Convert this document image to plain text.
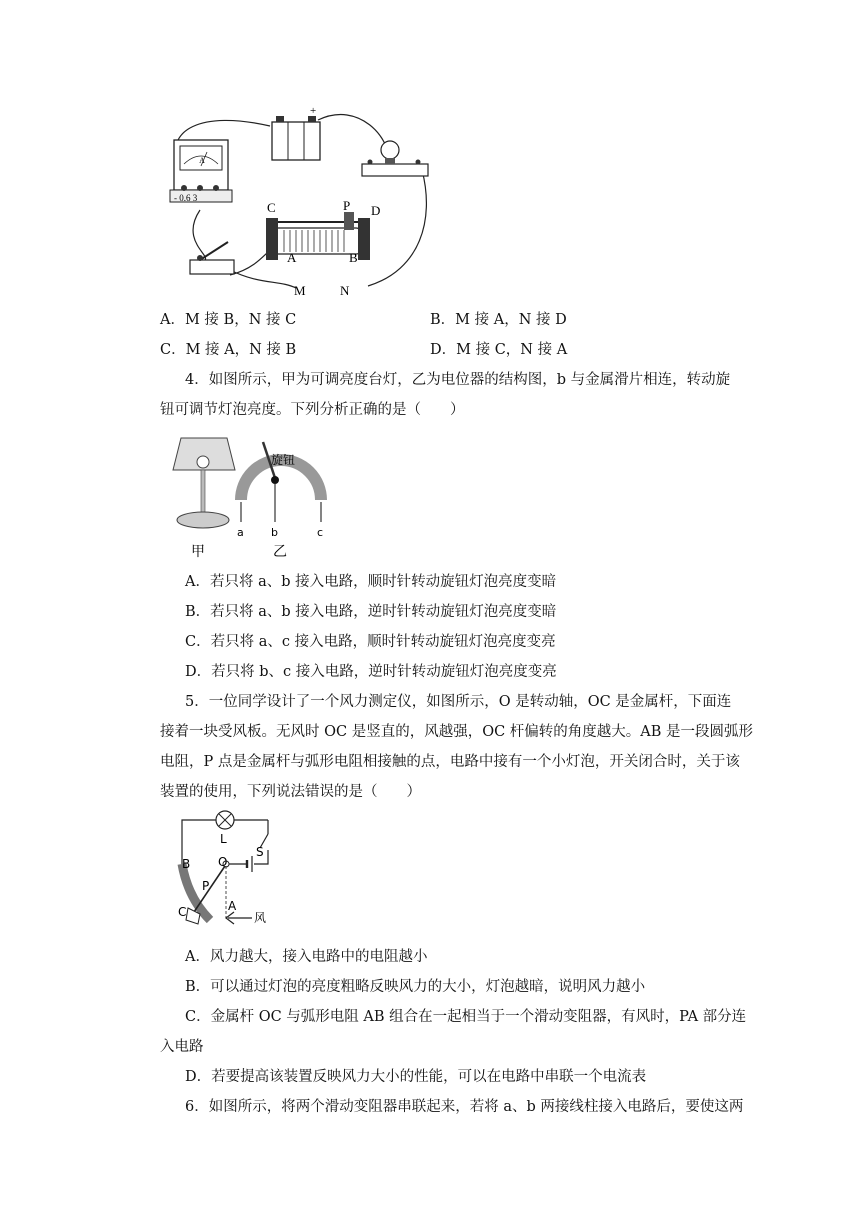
A
- 0.6 3
+
C	P D
A	B
M	N
A．M 接 B，N 接 C	B．M 接 A，N 接 D
C．M 接 A，N 接 B	D．M 接 C，N 接 A
4．如图所示，甲为可调亮度台灯，乙为电位器的结构图，b 与金属滑片相连，转动旋
钮可调节灯泡亮度。下列分析正确的是（　　）
甲
旋钮
a b	c
乙
A．若只将 a、b 接入电路，顺时针转动旋钮灯泡亮度变暗
B．若只将 a、b 接入电路，逆时针转动旋钮灯泡亮度变暗
C．若只将 a、c 接入电路，顺时针转动旋钮灯泡亮度变亮
D．若只将 b、c 接入电路，逆时针转动旋钮灯泡亮度变亮
5．一位同学设计了一个风力测定仪，如图所示，O 是转动轴，OC 是金属杆，下面连
接着一块受风板。无风时 OC 是竖直的，风越强，OC 杆偏转的角度越大。AB 是一段圆弧形
电阻，P 点是金属杆与弧形电阻相接触的点，电路中接有一个小灯泡，开关闭合时，关于该
装置的使用，下列说法错误的是（　　）
L
S
B O
P
C	A
风
A．风力越大，接入电路中的电阻越小
B．可以通过灯泡的亮度粗略反映风力的大小，灯泡越暗，说明风力越小
C．金属杆 OC 与弧形电阻 AB 组合在一起相当于一个滑动变阻器，有风时，PA 部分连
入电路
D．若要提高该装置反映风力大小的性能，可以在电路中串联一个电流表
6．如图所示，将两个滑动变阻器串联起来，若将 a、b 两接线柱接入电路后，要使这两
